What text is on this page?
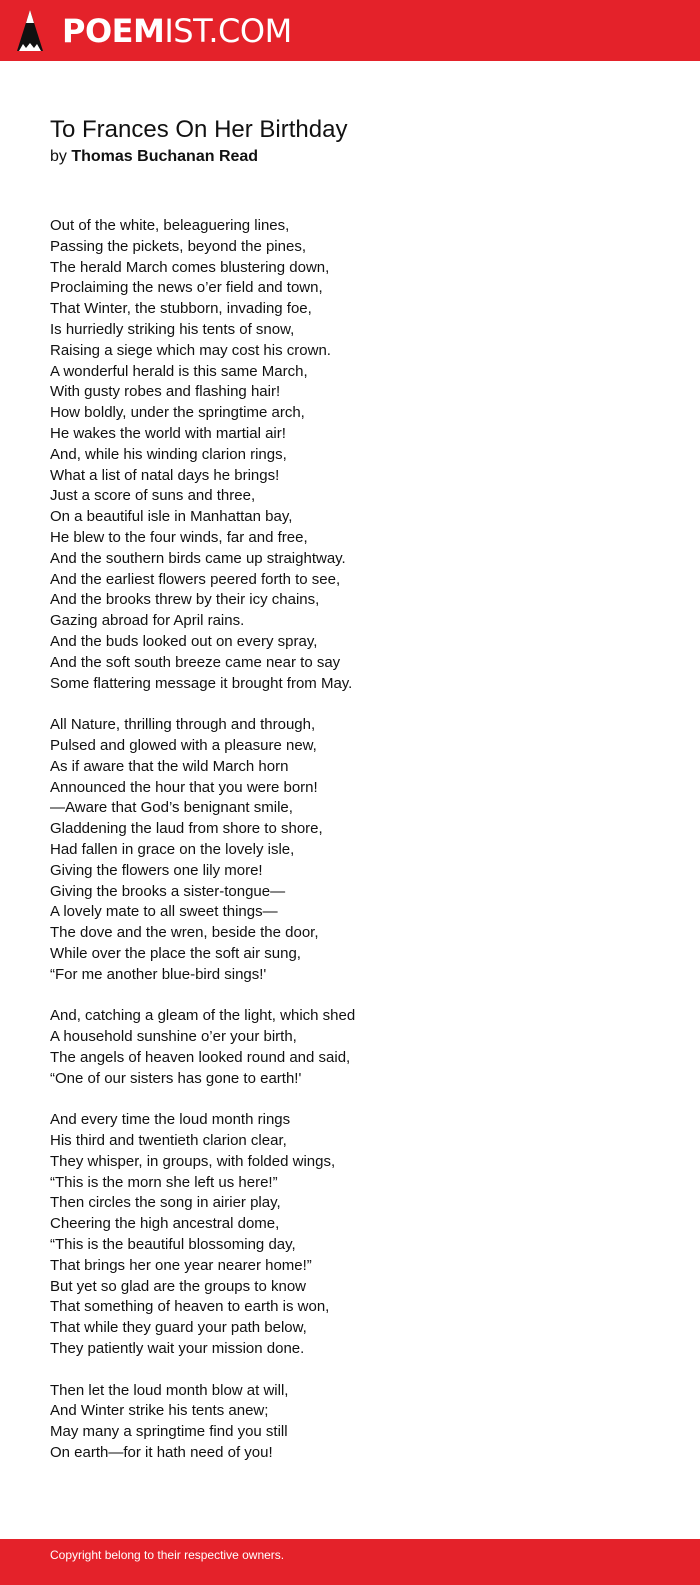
POEMIST.COM
To Frances On Her Birthday
by Thomas Buchanan Read
Out of the white, beleaguering lines,
Passing the pickets, beyond the pines,
The herald March comes blustering down,
Proclaiming the news o’er field and town,
That Winter, the stubborn, invading foe,
Is hurriedly striking his tents of snow,
Raising a siege which may cost his crown.
A wonderful herald is this same March,
With gusty robes and flashing hair!
How boldly, under the springtime arch,
He wakes the world with martial air!
And, while his winding clarion rings,
What a list of natal days he brings!
Just a score of suns and three,
On a beautiful isle in Manhattan bay,
He blew to the four winds, far and free,
And the southern birds came up straightway.
And the earliest flowers peered forth to see,
And the brooks threw by their icy chains,
Gazing abroad for April rains.
And the buds looked out on every spray,
And the soft south breeze came near to say
Some flattering message it brought from May.
All Nature, thrilling through and through,
Pulsed and glowed with a pleasure new,
As if aware that the wild March horn
Announced the hour that you were born!
—Aware that God’s benignant smile,
Gladdening the laud from shore to shore,
Had fallen in grace on the lovely isle,
Giving the flowers one lily more!
Giving the brooks a sister-tongue—
A lovely mate to all sweet things—
The dove and the wren, beside the door,
While over the place the soft air sung,
“For me another blue-bird sings!'
And, catching a gleam of the light, which shed
A household sunshine o’er your birth,
The angels of heaven looked round and said,
“One of our sisters has gone to earth!'
And every time the loud month rings
His third and twentieth clarion clear,
They whisper, in groups, with folded wings,
“This is the morn she left us here!”
Then circles the song in airier play,
Cheering the high ancestral dome,
“This is the beautiful blossoming day,
That brings her one year nearer home!”
But yet so glad are the groups to know
That something of heaven to earth is won,
That while they guard your path below,
They patiently wait your mission done.
Then let the loud month blow at will,
And Winter strike his tents anew;
May many a springtime find you still
On earth—for it hath need of you!
Copyright belong to their respective owners.
